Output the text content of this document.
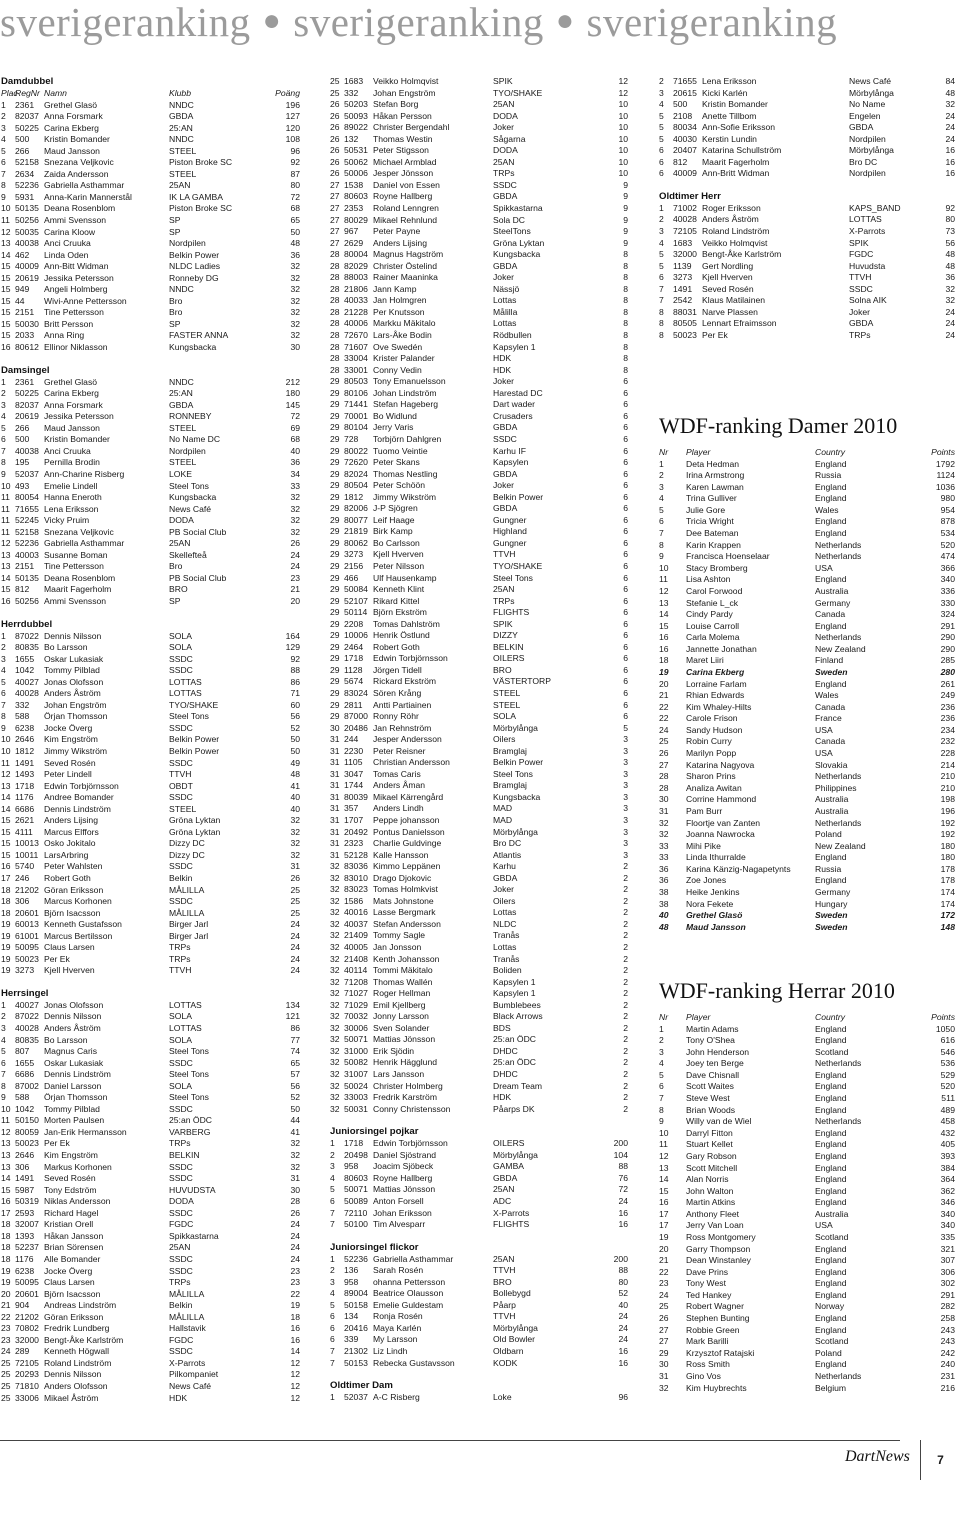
sverigeranking ● sverigeranking ● sverigeranking
Damdubbel
Plac
RegNr Namn	Klubb	Poäng
1	2361	Grethel Glasö	NNDC	196
2	82037 Anna Forsmark	GBDA	127
3	50225 Carina Ekberg	25:AN	120
4	500	Kristin Bomander	NNDC	108
5	266	Maud Jansson	STEEL	96
6	52158 Snezana Veljkovic	Piston Broke SC	92
7	2634	Zaida Andersson	STEEL	87
8	52236 Gabriella Asthammar	25AN	80
9	5931	Anna-Karin Mannerstål	IK LA GAMBA	72
10 50135 Deana Rosenblom	Piston Broke SC	68
11 50256 Ammi Svensson	SP	65
12 50035 Carina Kloow	SP	50
13 40038 Anci Cruuka	Nordpilen	48
14 462	Linda Oden	Belkin Power	36
15 40009 Ann-Bitt Widman	NLDC Ladies	32
15 20619 Jessika Petersson	Ronneby DG	32
15 949	Angeli Holmberg	NNDC	32
15 44	Wivi-Anne Pettersson	Bro	32
15 2151	Tine Pettersson	Bro	32
15 50030 Britt Persson	SP	32
15 2033	Anna Ring	FASTER ANNA	32
16 80612 Ellinor Niklasson	Kungsbacka	30
Damsingel
1	2361	Grethel Glasö	NNDC	212
2	50225 Carina Ekberg	25:AN	180
3	82037 Anna Forsmark	GBDA	145
4	20619 Jessika Petersson	RONNEBY	72
5	266	Maud Jansson	STEEL	69
6	500	Kristin Bomander	No Name DC	68
7	40038 Anci Cruuka	Nordpilen	40
8	195	Pernilla Brodin	STEEL	36
9	52037 Ann-Charine Risberg	LOKE	34
10 493	Emelie Lindell	Steel Tons	33
11 80054 Hanna Eneroth	Kungsbacka	32
11 71655 Lena Eriksson	News Café	32
11 52245 Vicky Pruim	DODA	32
11 52158 Snezana Veljkovic	PB Social Club	32
12 52236 Gabriella Asthammar	25AN	26
13 40003 Susanne Boman	Skellefteå	24
13 2151	Tine Pettersson	Bro	24
14 50135 Deana Rosenblom	PB Social Club	23
15 812	Maarit Fagerholm	BRO	21
16 50256 Ammi Svensson	SP	20
Herrdubbel
1	87022 Dennis Nilsson	SOLA	164
2	80835 Bo Larsson	SOLA	129
3	1655	Oskar Lukasiak	SSDC	92
4	1042	Tommy Pilblad	SSDC	88
5	40027 Jonas Olofsson	LOTTAS	86
6	40028 Anders Åström	LOTTAS	71
7	332	Johan Engström	TYO/SHAKE	60
8	588	Örjan Thomsson	Steel Tons	56
9	6238	Jocke Överg	SSDC	52
10 2646	Kim Engström	Belkin Power	50
10 1812	Jimmy Wikström	Belkin Power	50
11 1491	Seved Rosén	SSDC	49
12 1493	Peter Lindell	TTVH	48
13 1718	Edwin Torbjörnsson	OBDT	41
14 1176	Andree Bomander	SSDC	40
14 6686	Dennis Lindström	STEEL	40
15 2621	Anders Lijsing	Gröna Lyktan	32
15 4111	Marcus Elffors	Gröna Lyktan	32
15 10013 Osko Jokitalo	Dizzy DC	32
15 10011 LarsArbring	Dizzy DC	32
16 5740	Peter Wahlsten	SSDC	31
17 246	Robert Goth	Belkin	26
18 21202 Göran Eriksson	MÅLILLA	25
18 306	Marcus Korhonen	SSDC	25
18 20601 Björn Isacsson	MÅLILLA	25
19 60013 Kenneth Gustafsson	Birger Jarl	24
19 61001 Marcus Bertilsson	Birger Jarl	24
19 50095 Claus Larsen	TRPs	24
19 50023 Per Ek	TRPs	24
19 3273	Kjell Hverven	TTVH	24
Herrsingel
1	40027 Jonas Olofsson	LOTTAS	134
2	87022 Dennis Nilsson	SOLA	121
3	40028 Anders Åström	LOTTAS	86
4	80835 Bo Larsson	SOLA	77
5	807	Magnus Caris	Steel Tons	74
6	1655	Oskar Lukasiak	SSDC	65
7	6686	Dennis Lindström	Steel Tons	57
8	87002 Daniel Larsson	SOLA	56
9	588	Örjan Thomsson	Steel Tons	52
10 1042	Tommy Pilblad	SSDC	50
11 50150 Morten Paulsen	25:an ÖDC	44
12 80059 Jan-Erik Hermansson	VARBERG	41
13 50023 Per Ek	TRPs	32
13 2646	Kim Engström	BELKIN	32
13 306	Markus Korhonen	SSDC	32
14 1491	Seved Rosén	SSDC	31
15 5987	Tony Edström	HUVUDSTA	30
16 50319 Niklas Andersson	DODA	28
17 2593	Richard Hagel	SSDC	26
18 32007 Kristian Orell	FGDC	24
18 1393	Håkan Jansson	Spikkastarna	24
18 52237 Brian Sörensen	25AN	24
18 1176	Alle Bomander	SSDC	24
19 6238	Jocke Överg	SSDC	23
19 50095 Claus Larsen	TRPs	23
20 20601 Björn Isacsson	MÅLILLA	22
21 904	Andreas Lindström	Belkin	19
22 21202 Göran Eriksson	MÅLILLA	18
23 70802 Fredrik Lundberg	Hallstavik	16
23 32000 Bengt-Åke Karlström	FGDC	16
24 289	Kenneth Högwall	SSDC	14
25 72105 Roland Lindström	X-Parrots	12
25 20293 Dennis Nilsson	Pilkompaniet	12
25 71810 Anders Olofsson	News Café	12
25 33006 Mikael Åström	HDK	12
25 1683	Veikko Holmqvist	SPIK	12
25 332	Johan Engström	TYO/SHAKE	12
26 50203 Stefan Borg	25AN	10
26 50093 Håkan Persson	DODA	10
26 89022 Christer Bergendahl	Joker	10
26 132	Thomas Westin	Sågarna	10
26 50531 Peter Stigsson	DODA	10
26 50062 Michael Armblad	25AN	10
26 50006 Jesper Jönsson	TRPs	10
27 1538	Daniel von Essen	SSDC	9
27 80603 Royne Hallberg	GBDA	9
27 2353	Roland Lenngren	Spikkastarna	9
27 80029 Mikael Rehnlund	Sola DC	9
27 967	Peter Payne	SteelTons	9
27 2629	Anders Lijsing	Gröna Lyktan	9
28 80004 Magnus Hagström	Kungsbacka	8
28 82029 Christer Östelind	GBDA	8
28 88003 Rainer Maaninka	Joker	8
28 21806 Jann Kamp	Nässjö	8
28 40033 Jan Holmgren	Lottas	8
28 21228 Per Knutsson	Målilla	8
28 40006 Markku Mäkitalo	Lottas	8
28 72670 Lars-Åke Bodin	Rödbullen	8
28 71607 Ove Swedén	Kapsylen 1	8
28 33004 Krister Palander	HDK	8
28 33001 Conny Vedin	HDK	8
29 80503 Tony Emanuelsson	Joker	6
29 80106 Johan Lindström	Harestad DC	6
29 71441 Stefan Hageberg	Dart wader	6
29 70001 Bo Widlund	Crusaders	6
29 80104 Jerry Varis	GBDA	6
29 728	Torbjörn Dahlgren	SSDC	6
29 80022 Tuomo Veintie	Karhu IF	6
29 72620 Peter Skans	Kapsylen	6
29 82024 Thomas Nestling	GBDA	6
29 80504 Peter Schöön	Joker	6
29 1812	Jimmy Wikström	Belkin Power	6
29 82006 J-P Sjögren	GBDA	6
29 80077 Leif Haage	Gungner	6
29 21819 Birk Kamp	Highland	6
29 80062 Bo Carlsson	Gungner	6
29 3273	Kjell Hverven	TTVH	6
29 2156	Peter Nilsson	TYO/SHAKE	6
29 466	Ulf Hausenkamp	Steel Tons	6
29 50084 Kenneth Klint	25AN	6
29 52107 Rikard Kittel	TRPs	6
29 50114 Björn Ekström	FLIGHTS	6
29 2208	Tomas Dahlström	SPIK	6
29 10006 Henrik Östlund	DIZZY	6
29 2464	Robert Goth	BELKIN	6
29 1718	Edwin Torbjörnsson	OILERS	6
29 1128	Jörgen Tidell	BRO	6
29 5674	Rickard Ekström	VÄSTERTORP	6
29 83024 Sören Krång	STEEL	6
29 2811	Antti Partiainen	STEEL	6
29 87000 Ronny Röhr	SOLA	6
30 20486 Jan Rehnström	Mörbylånga	5
31 244	Jesper Andersson	Oilers	3
31 2230	Peter Reisner	Bramglaj	3
31 1105	Christian Andersson	Belkin Power	3
31 3047	Tomas Caris	Steel Tons	3
31 1744	Anders Åman	Bramglaj	3
31 80039 Mikael Kärrengård	Kungsbacka	3
31 357	Anders Lindh	MAD	3
31 1707	Peppe johansson	MAD	3
31 20492 Pontus Danielsson	Mörbylånga	3
31 2323	Charlie Guldvinge	Bro DC	3
31 52128 Kalle Hansson	Atlantis	3
32 83036 Kimmo Leppänen	Karhu	2
32 83010 Drago Djokovic	GBDA	2
32 83023 Tomas Holmkvist	Joker	2
32 1586	Mats Johnstone	Oilers	2
32 40016 Lasse Bergmark	Lottas	2
32 40037 Stefan Andersson	NLDC	2
32 21409 Tommy Sagle	Tranås	2
32 40005 Jan Jonsson	Lottas	2
32 21408 Kenth Johansson	Tranås	2
32 40114 Tommi Mäkitalo	Boliden	2
32 71208 Thomas Wallén	Kapsylen 1	2
32 71027 Roger Hellman	Kapsylen 1	2
32 71029 Emil Kjellberg	Bumblebees	2
32 70032 Jonny Larsson	Black Arrows	2
32 30006 Sven Solander	BDS	2
32 50071 Mattias Jönsson	25:an ÖDC	2
32 31000 Erik Sjödin	DHDC	2
32 50082 Henrik Hägglund	25:an ÖDC	2
32 31007 Lars Jansson	DHDC	2
32 50024 Christer Holmberg	Dream Team	2
32 33003 Fredrik Karström	HDK	2
32 50031 Conny Christensson	Påarps DK	2
Juniorsingel pojkar
1	1718	Edwin Torbjörnsson	OILERS	200
2	20498 Daniel Sjöstrand	Mörbylånga	104
3	958	Joacim Sjöbeck	GAMBA	88
4	80603 Royne Hallberg	GBDA	76
5	50071 Mattias Jönsson	25AN	72
6	50089 Anton Forsell	ADC	24
7	72110 Johan Eriksson	X-Parrots	16
7	50100 Tim Alvesparr	FLIGHTS	16
Juniorsingel flickor
1	52236 Gabriella Asthammar	25AN	200
2	136	Sarah Rosén	TTVH	88
3	958	ohanna Pettersson	BRO	80
4	89004 Beatrice Olausson	Bollebygd	52
5	50158 Emelie Guldestam	Påarp	40
6	134	Ronja Rosén	TTVH	24
6	20416 Maya Karlén	Mörbylånga	24
6	339	My Larsson	Old Bowler	24
7	21302 Liz Lindh	Oldbarn	16
7	50153 Rebecka Gustavsson	KODK	16
Oldtimer Dam
1	52037 A-C Risberg	Loke	96
2	71655 Lena Eriksson	News Café	84
3	20615 Kicki Karlén	Mörbylånga	48
4	500	Kristin Bomander	No Name	32
5	2108	Anette Tillbom	Engelen	24
5	80034 Ann-Sofie Eriksson	GBDA	24
5	40030 Kerstin Lundin	Nordpilen	24
6	20407 Katarina Schullström	Mörbylånga	16
6	812	Maarit Fagerholm	Bro DC	16
6	40009 Ann-Britt Widman	Nordpilen	16
Oldtimer Herr
1	71002 Roger Eriksson	KAPS_BAND	92
2	40028 Anders Åström	LOTTAS	80
3	72105 Roland Lindström	X-Parrots	73
4	1683	Veikko Holmqvist	SPIK	56
5	32000 Bengt-Åke Karlström	FGDC	48
5	1139	Gert Nordling	Huvudsta	48
6	3273	Kjell Hverven	TTVH	36
7	1491	Seved Rosén	SSDC	32
7	2542	Klaus Matilainen	Solna AIK	32
8	88031 Narve Plassen	Joker	24
8	80505 Lennart Efraimsson	GBDA	24
8	50023 Per Ek	TRPs	24
WDF-ranking Damer 2010
Nr	Player	Country	Points
1	Deta Hedman	England	1792
2	Irina Armstrong	Russia	1124
3	Karen Lawman	England	1036
4	Trina Gulliver	England	980
5	Julie Gore	Wales	954
6	Tricia Wright	England	878
7	Dee Bateman	England	534
8	Karin Krappen	Netherlands	520
9	Francisca Hoenselaar	Netherlands	474
10	Stacy Bromberg	USA	366
11	Lisa Ashton	England	340
12	Carol Forwood	Australia	336
13	Stefanie L_ck	Germany	330
14	Cindy Pardy	Canada	324
15	Louise Carroll	England	291
16	Carla Molema	Netherlands	290
16	Jannette Jonathan	New Zealand	290
18	Maret Liiri	Finland	285
19	Carina Ekberg	Sweden	280
20	Lorraine Farlam	England	261
21	Rhian Edwards	Wales	249
22	Kim Whaley-Hilts	Canada	236
22	Carole Frison	France	236
24	Sandy Hudson	USA	234
25	Robin Curry	Canada	232
26	Marilyn Popp	USA	228
27	Katarina Nagyova	Slovakia	214
28	Sharon Prins	Netherlands	210
28	Analiza Awitan	Philippines	210
30	Corrine Hammond	Australia	198
31	Pam Burr	Australia	196
32	Floortje van Zanten	Netherlands	192
32	Joanna Nawrocka	Poland	192
33	Mihi Pike	New Zealand	180
33	Linda Ithurralde	England	180
36	Karina Känzig-Nagapetynts	Russia	178
36	Zoe Jones	England	178
38	Heike Jenkins	Germany	174
38	Nora Fekete	Hungary	174
40	Grethel Glasö	Sweden	172
48	Maud Jansson	Sweden	148
WDF-ranking Herrar 2010
Nr	Player	Country	Points
1	Martin Adams	England	1050
2	Tony O'Shea	England	616
3	John Henderson	Scotland	546
4	Joey ten Berge	Netherlands	536
5	Dave Chisnall	England	529
6	Scott Waites	England	520
7	Steve West	England	511
8	Brian Woods	England	489
9	Willy van de Wiel	Netherlands	458
10	Darryl Fitton	England	432
11	Stuart Kellet	England	405
12	Gary Robson	England	393
13	Scott Mitchell	England	384
14	Alan Norris	England	364
15	John Walton	England	362
16	Martin Atkins	England	346
17	Anthony Fleet	Australia	340
17	Jerry Van Loan	USA	340
19	Ross Montgomery	Scotland	335
20	Garry Thompson	England	321
21	Dean Winstanley	England	307
22	Dave Prins	England	306
23	Tony West	England	302
24	Ted Hankey	England	291
25	Robert Wagner	Norway	282
26	Stephen Bunting	England	258
27	Robbie Green	England	243
27	Mark Barilli	Scotland	243
29	Krzysztof Ratajski	Poland	242
30	Ross Smith	England	240
31	Gino Vos	Netherlands	231
32	Kim Huybrechts	Belgium	216
DartNews	7
